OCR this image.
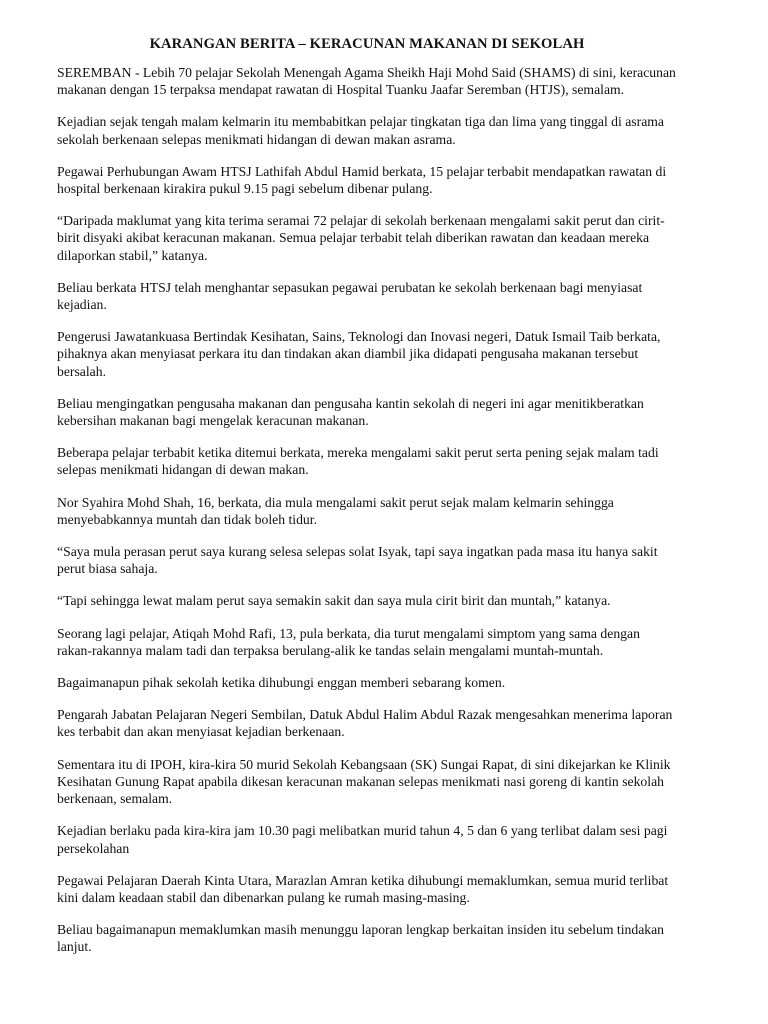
KARANGAN BERITA – KERACUNAN MAKANAN DI SEKOLAH

SEREMBAN - Lebih 70 pelajar Sekolah Menengah Agama Sheikh Haji Mohd Said (SHAMS) di sini, keracunan makanan dengan 15 terpaksa mendapat rawatan di Hospital Tuanku Jaafar Seremban (HTJS), semalam.

Kejadian sejak tengah malam kelmarin itu membabitkan pelajar tingkatan tiga dan lima yang tinggal di asrama sekolah berkenaan selepas menikmati hidangan di dewan makan asrama.

Pegawai Perhubungan Awam HTSJ Lathifah Abdul Hamid berkata, 15 pelajar terbabit mendapatkan rawatan di hospital berkenaan kirakira pukul 9.15 pagi sebelum dibenar pulang.

“Daripada maklumat yang kita terima seramai 72 pelajar di sekolah berkenaan mengalami sakit perut dan cirit-birit disyaki akibat keracunan makanan. Semua pelajar terbabit telah diberikan rawatan dan keadaan mereka dilaporkan stabil,” katanya.

Beliau berkata HTSJ telah menghantar sepasukan pegawai perubatan ke sekolah berkenaan bagi menyiasat kejadian.

Pengerusi Jawatankuasa Bertindak Kesihatan, Sains, Teknologi dan Inovasi negeri, Datuk Ismail Taib berkata, pihaknya akan menyiasat perkara itu dan tindakan akan diambil jika didapati pengusaha makanan tersebut bersalah.

Beliau mengingatkan pengusaha makanan dan pengusaha kantin sekolah di negeri ini agar menitikberatkan kebersihan makanan bagi mengelak keracunan makanan.

Beberapa pelajar terbabit ketika ditemui berkata, mereka mengalami sakit perut serta pening sejak malam tadi selepas menikmati hidangan di dewan makan.

Nor Syahira Mohd Shah, 16, berkata, dia mula mengalami sakit perut sejak malam kelmarin sehingga menyebabkannya muntah dan tidak boleh tidur.

“Saya mula perasan perut saya kurang selesa selepas solat Isyak, tapi saya ingatkan pada masa itu hanya sakit perut biasa sahaja.

“Tapi sehingga lewat malam perut saya semakin sakit dan saya mula cirit birit dan muntah,” katanya.

Seorang lagi pelajar, Atiqah Mohd Rafi, 13, pula berkata, dia turut mengalami simptom yang sama dengan rakan-rakannya malam tadi dan terpaksa berulang-alik ke tandas selain mengalami muntah-muntah.

Bagaimanapun pihak sekolah ketika dihubungi enggan memberi sebarang komen.

Pengarah Jabatan Pelajaran Negeri Sembilan, Datuk Abdul Halim Abdul Razak mengesahkan menerima laporan kes terbabit dan akan menyiasat kejadian berkenaan.

Sementara itu di IPOH, kira-kira 50 murid Sekolah Kebangsaan (SK) Sungai Rapat, di sini dikejarkan ke Klinik Kesihatan Gunung Rapat apabila dikesan keracunan makanan selepas menikmati nasi goreng di kantin sekolah berkenaan, semalam.

Kejadian berlaku pada kira-kira jam 10.30 pagi melibatkan murid tahun 4, 5 dan 6 yang terlibat dalam sesi pagi persekolahan

Pegawai Pelajaran Daerah Kinta Utara, Marazlan Amran ketika dihubungi memaklumkan, semua murid terlibat kini dalam keadaan stabil dan dibenarkan pulang ke rumah masing-masing.

Beliau bagaimanapun memaklumkan masih menunggu laporan lengkap berkaitan insiden itu sebelum tindakan lanjut.
